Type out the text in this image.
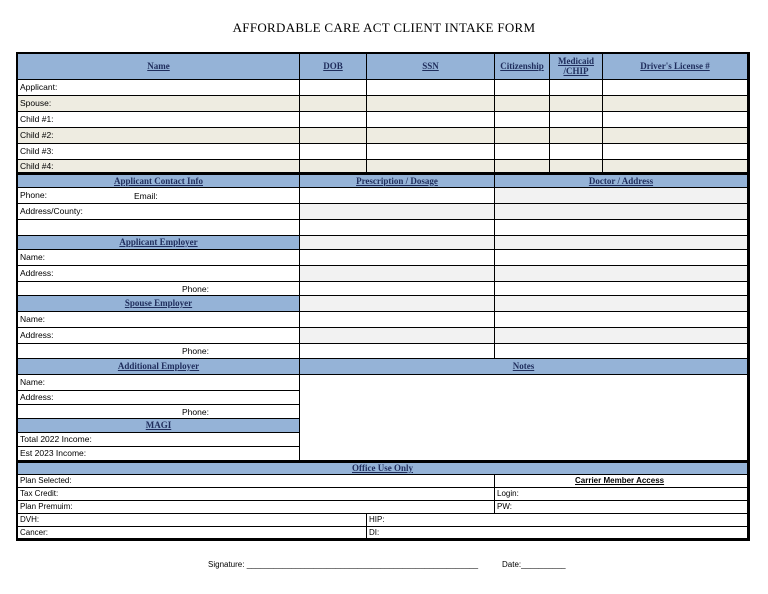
AFFORDABLE CARE ACT CLIENT INTAKE FORM
Name	DOB	SSN	Citizenship	Medicaid /CHIP	Driver's License #
Applicant:
Spouse:
Child #1:
Child #2:
Child #3:
Child #4:
Applicant Contact Info	Prescription / Dosage	Doctor / Address
Phone:	Email:
Address/County:
Applicant Employer
Name:
Address:
Phone:
Spouse Employer
Name:
Address:
Phone:
Additional Employer
Name:
Address:
Phone:
MAGI
Total 2022 Income:
Est 2023 Income:
Notes
Office Use Only
Plan Selected:	Carrier Member Access
Tax Credit:	Login:
Plan Premuim:	PW:
DVH:	HIP:
Cancer:	DI:
Signature: ____________________________________________________	Date:__________
